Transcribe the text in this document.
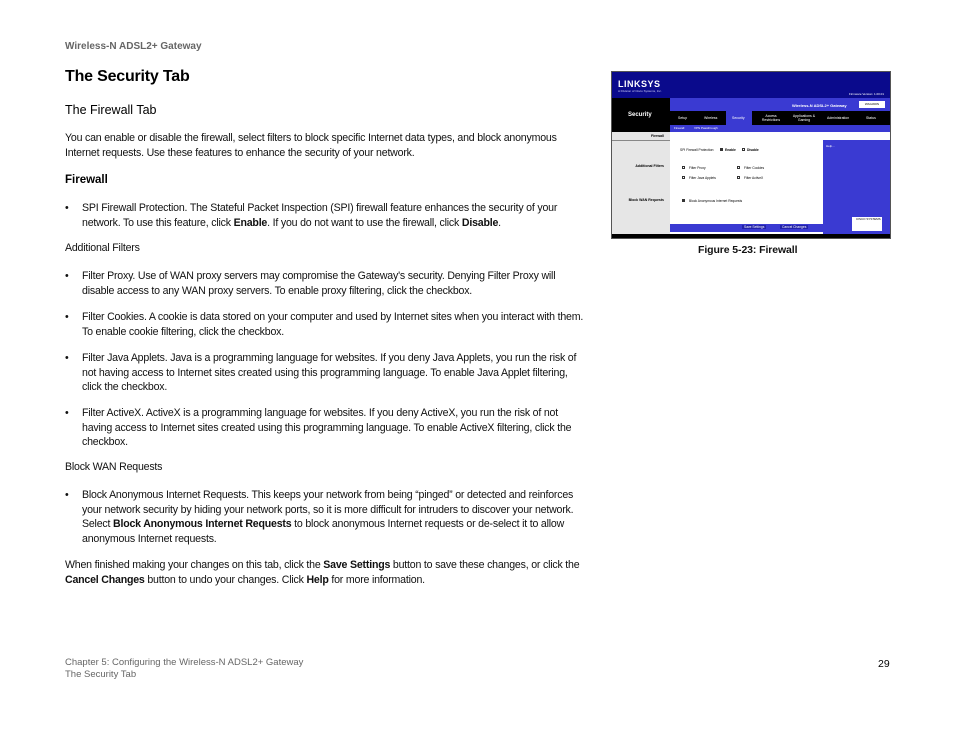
Wireless-N ADSL2+ Gateway
The Security Tab
The Firewall Tab
You can enable or disable the firewall, select filters to block specific Internet data types, and block anonymous Internet requests. Use these features to enhance the security of your network.
Firewall
• SPI Firewall Protection. The Stateful Packet Inspection (SPI) firewall feature enhances the security of your network. To use this feature, click Enable. If you do not want to use the firewall, click Disable.
Additional Filters
• Filter Proxy. Use of WAN proxy servers may compromise the Gateway's security. Denying Filter Proxy will disable access to any WAN proxy servers. To enable proxy filtering, click the checkbox.
• Filter Cookies. A cookie is data stored on your computer and used by Internet sites when you interact with them. To enable cookie filtering, click the checkbox.
• Filter Java Applets. Java is a programming language for websites. If you deny Java Applets, you run the risk of not having access to Internet sites created using this programming language. To enable Java Applet filtering, click the checkbox.
• Filter ActiveX. ActiveX is a programming language for websites. If you deny ActiveX, you run the risk of not having access to Internet sites created using this programming language. To enable ActiveX filtering, click the checkbox.
Block WAN Requests
• Block Anonymous Internet Requests. This keeps your network from being “pinged” or detected and reinforces your network security by hiding your network ports, so it is more difficult for intruders to discover your network. Select Block Anonymous Internet Requests to block anonymous Internet requests or de-select it to allow anonymous Internet requests.
When finished making your changes on this tab, click the Save Settings button to save these changes, or click the Cancel Changes button to undo your changes. Click Help for more information.
LINKSYS
A Division of Cisco Systems, Inc.
Firmware Version: 1.00.01
Security
Wireless-N ADSL2+ Gateway	WAG300N
Setup	Wireless	Security	Access Restrictions
Applications & Gaming	Administration	Status
Firewall	VPN Passthrough
Firewall
Additional Filters
Block WAN Requests
SPI Firewall Protection:	Enable	Disable
Filter Proxy	Filter Cookies
Filter Java Applets	Filter ActiveX
Block Anonymous Internet Requests
Help...
Save Settings	Cancel Changes
CISCO SYSTEMS
Figure 5-23: Firewall
Chapter 5: Configuring the Wireless-N ADSL2+ Gateway
The Security Tab
29
